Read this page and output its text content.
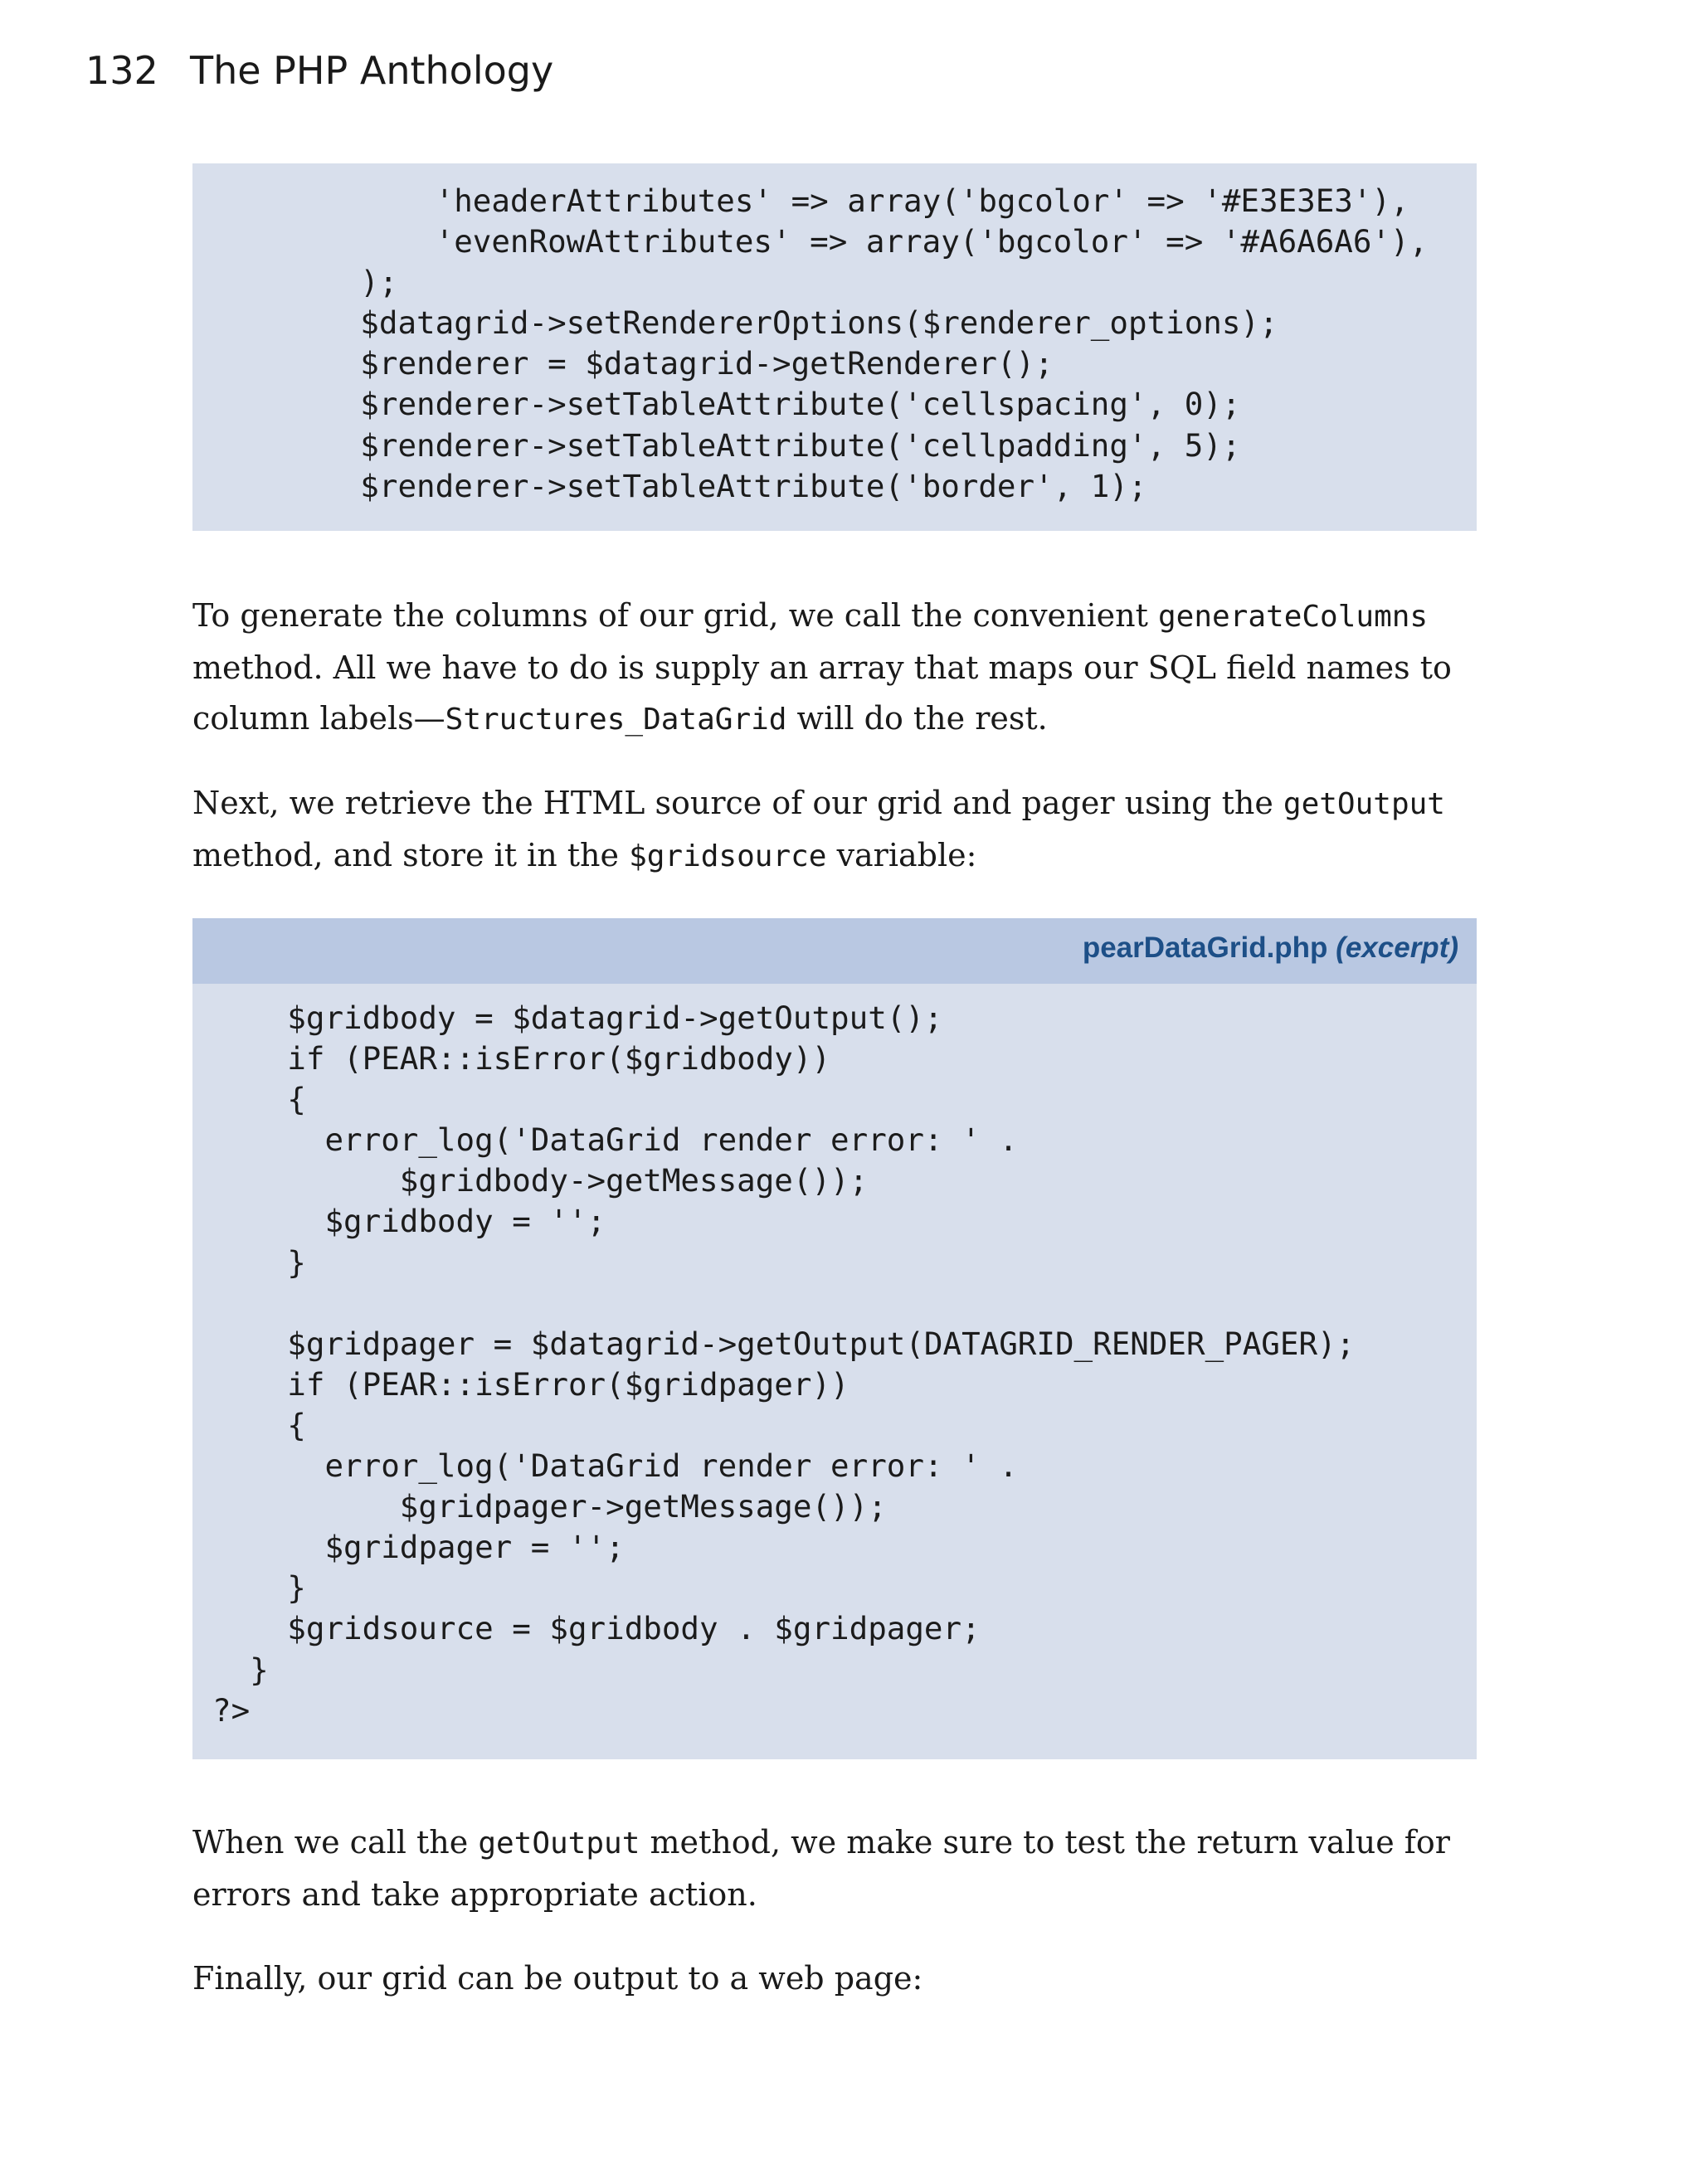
132 The PHP Anthology
'headerAttributes' => array('bgcolor' => '#E3E3E3'),
'evenRowAttributes' => array('bgcolor' => '#A6A6A6'),
);
$datagrid->setRendererOptions($renderer_options);
$renderer = $datagrid->getRenderer();
$renderer->setTableAttribute('cellspacing', 0);
$renderer->setTableAttribute('cellpadding', 5);
$renderer->setTableAttribute('border', 1);

To generate the columns of our grid, we call the convenient generateColumns method. All we have to do is supply an array that maps our SQL field names to column labels—Structures_DataGrid will do the rest.

Next, we retrieve the HTML source of our grid and pager using the getOutput method, and store it in the $gridsource variable:

pearDataGrid.php (excerpt)
$gridbody = $datagrid->getOutput();
if (PEAR::isError($gridbody))
{
error_log('DataGrid render error: ' .
$gridbody->getMessage());
$gridbody = '';
}

$gridpager = $datagrid->getOutput(DATAGRID_RENDER_PAGER);
if (PEAR::isError($gridpager))
{
error_log('DataGrid render error: ' .
$gridpager->getMessage());
$gridpager = '';
}
$gridsource = $gridbody . $gridpager;
}
?>

When we call the getOutput method, we make sure to test the return value for errors and take appropriate action.

Finally, our grid can be output to a web page:
